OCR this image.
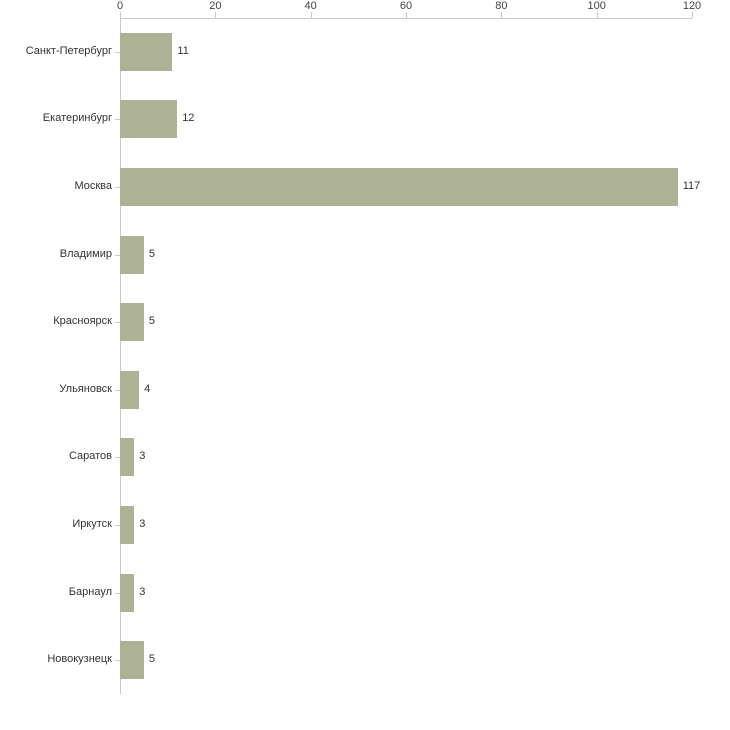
0	20	40	60	80	100	120
Санкт-Петербург
Екатеринбург
Москва
Владимир
Красноярск
Ульяновск
Саратов
Иркутск
Барнаул
Новокузнецк
11
12
117
5
5
4
3
3
3
5
